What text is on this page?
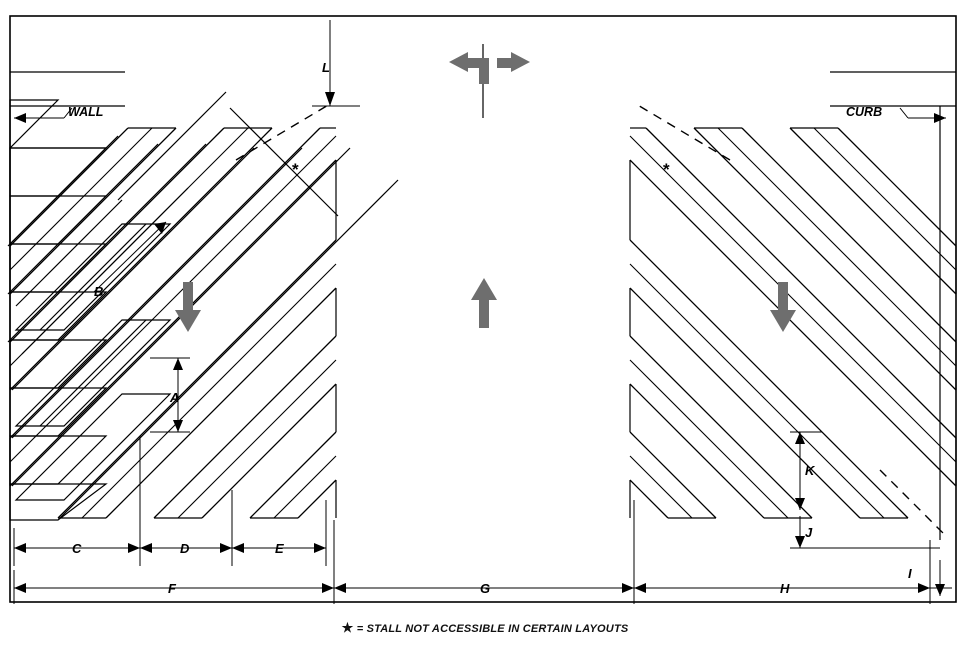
WALL	CURB
L
B
A
C	D	E
F	G	H
I
J
K
*	*
★ = STALL NOT ACCESSIBLE IN CERTAIN LAYOUTS
